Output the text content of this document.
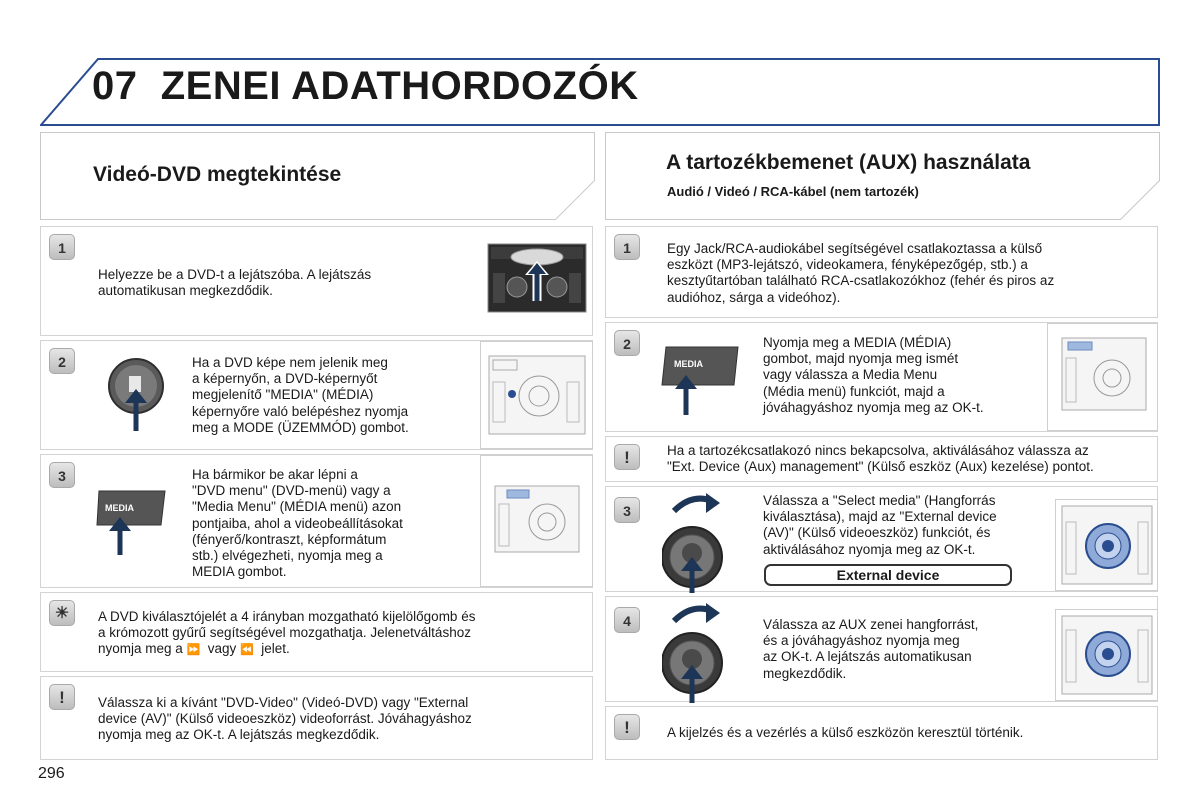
07 ZENEI ADATHORDOZÓK
Videó-DVD megtekintése
A tartozékbemenet (AUX) használata
Audió / Videó / RCA-kábel (nem tartozék)
1
Helyezze be a DVD-t a lejátszóba. A lejátszás
automatikusan megkezdődik.
2	Ha a DVD képe nem jelenik meg
a képernyőn, a DVD-képernyőt
megjelenítő "MEDIA" (MÉDIA)
képernyőre való belépéshez nyomja
meg a MODE (ÜZEMMÓD) gombot.
3
MEDIA
Ha bármikor be akar lépni a
"DVD menu" (DVD-menü) vagy a
"Media Menu" (MÉDIA menü) azon
pontjaiba, ahol a videobeállításokat
(fényerő/kontraszt, képformátum
stb.) elvégezheti, nyomja meg a
MEDIA gombot.
☀	A DVD kiválasztójelét a 4 irányban mozgatható kijelölőgomb és
a krómozott gyűrű segítségével mozgathatja. Jelenetváltáshoz
nyomja meg a ⏩ vagy ⏪ jelet.
!	Válassza ki a kívánt "DVD-Video" (Videó-DVD) vagy "External
device (AV)" (Külső videoeszköz) videoforrást. Jóváhagyáshoz
nyomja meg az OK-t. A lejátszás megkezdődik.
1	Egy Jack/RCA-audiokábel segítségével csatlakoztassa a külső
eszközt (MP3-lejátszó, videokamera, fényképezőgép, stb.) a
kesztyűtartóban található RCA-csatlakozókhoz (fehér és piros az
audióhoz, sárga a videóhoz).
2
MEDIA
Nyomja meg a MEDIA (MÉDIA)
gombot, majd nyomja meg ismét
vagy válassza a Media Menu
(Média menü) funkciót, majd a
jóváhagyáshoz nyomja meg az OK-t.
!	Ha a tartozékcsatlakozó nincs bekapcsolva, aktiválásához válassza az
"Ext. Device (Aux) management" (Külső eszköz (Aux) kezelése) pontot.
3
Válassza a "Select media" (Hangforrás
kiválasztása), majd az "External device
(AV)" (Külső videoeszköz) funkciót, és
aktiválásához nyomja meg az OK-t.
External device
4	Válassza az AUX zenei hangforrást,
és a jóváhagyáshoz nyomja meg
az OK-t. A lejátszás automatikusan
megkezdődik.
!	A kijelzés és a vezérlés a külső eszközön keresztül történik.
296
